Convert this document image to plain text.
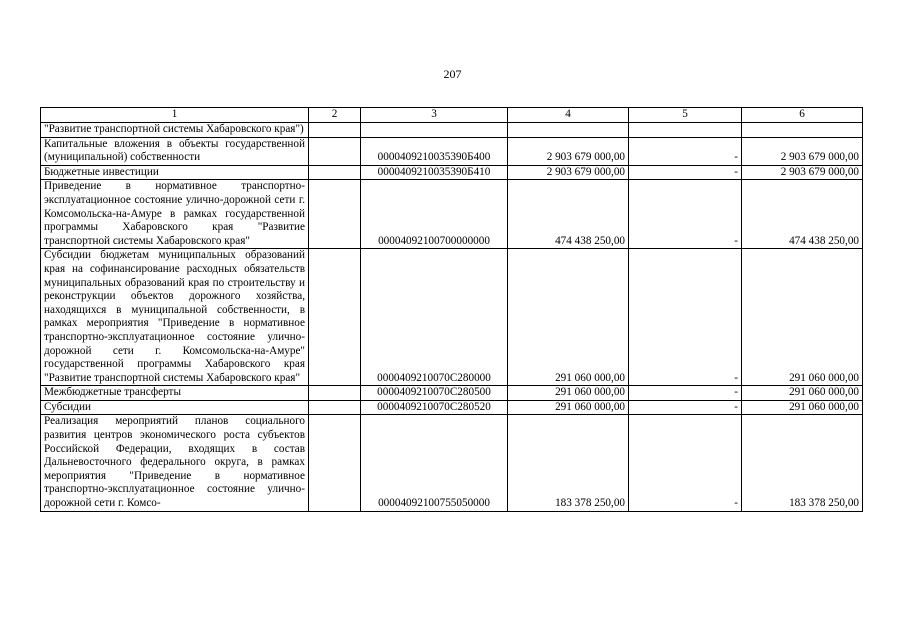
207
1	2	3	4	5	6
"Развитие транспортной системы Хабаровского края")					
Капитальные вложения в объекты государственной (муниципальной) собственности		0000409210035390Б400	2 903 679 000,00	-	2 903 679 000,00
Бюджетные инвестиции		0000409210035390Б410	2 903 679 000,00	-	2 903 679 000,00
Приведение в нормативное транспортно-эксплуатационное состояние улично-дорожной сети г. Комсомольска-на-Амуре в рамках государственной программы Хабаровского края "Развитие транспортной системы Хабаровского края"		00004092100700000000	474 438 250,00	-	474 438 250,00
Субсидии бюджетам муниципальных образований края на софинансирование расходных обязательств муниципальных образований края по строительству и реконструкции объектов дорожного хозяйства, находящихся в муниципальной собственности, в рамках мероприятия "Приведение в нормативное транспортно-эксплуатационное состояние улично-дорожной сети г. Комсомольска-на-Амуре" государственной программы Хабаровского края "Развитие транспортной системы Хабаровского края"		0000409210070С280000	291 060 000,00	-	291 060 000,00
Межбюджетные трансферты		0000409210070С280500	291 060 000,00	-	291 060 000,00
Субсидии		0000409210070С280520	291 060 000,00	-	291 060 000,00
Реализация мероприятий планов социального развития центров экономического роста субъектов Российской Федерации, входящих в состав Дальневосточного федерального округа, в рамках мероприятия "Приведение в нормативное транспортно-эксплуатационное состояние улично-дорожной сети г. Комсо-		00004092100755050000	183 378 250,00	-	183 378 250,00
